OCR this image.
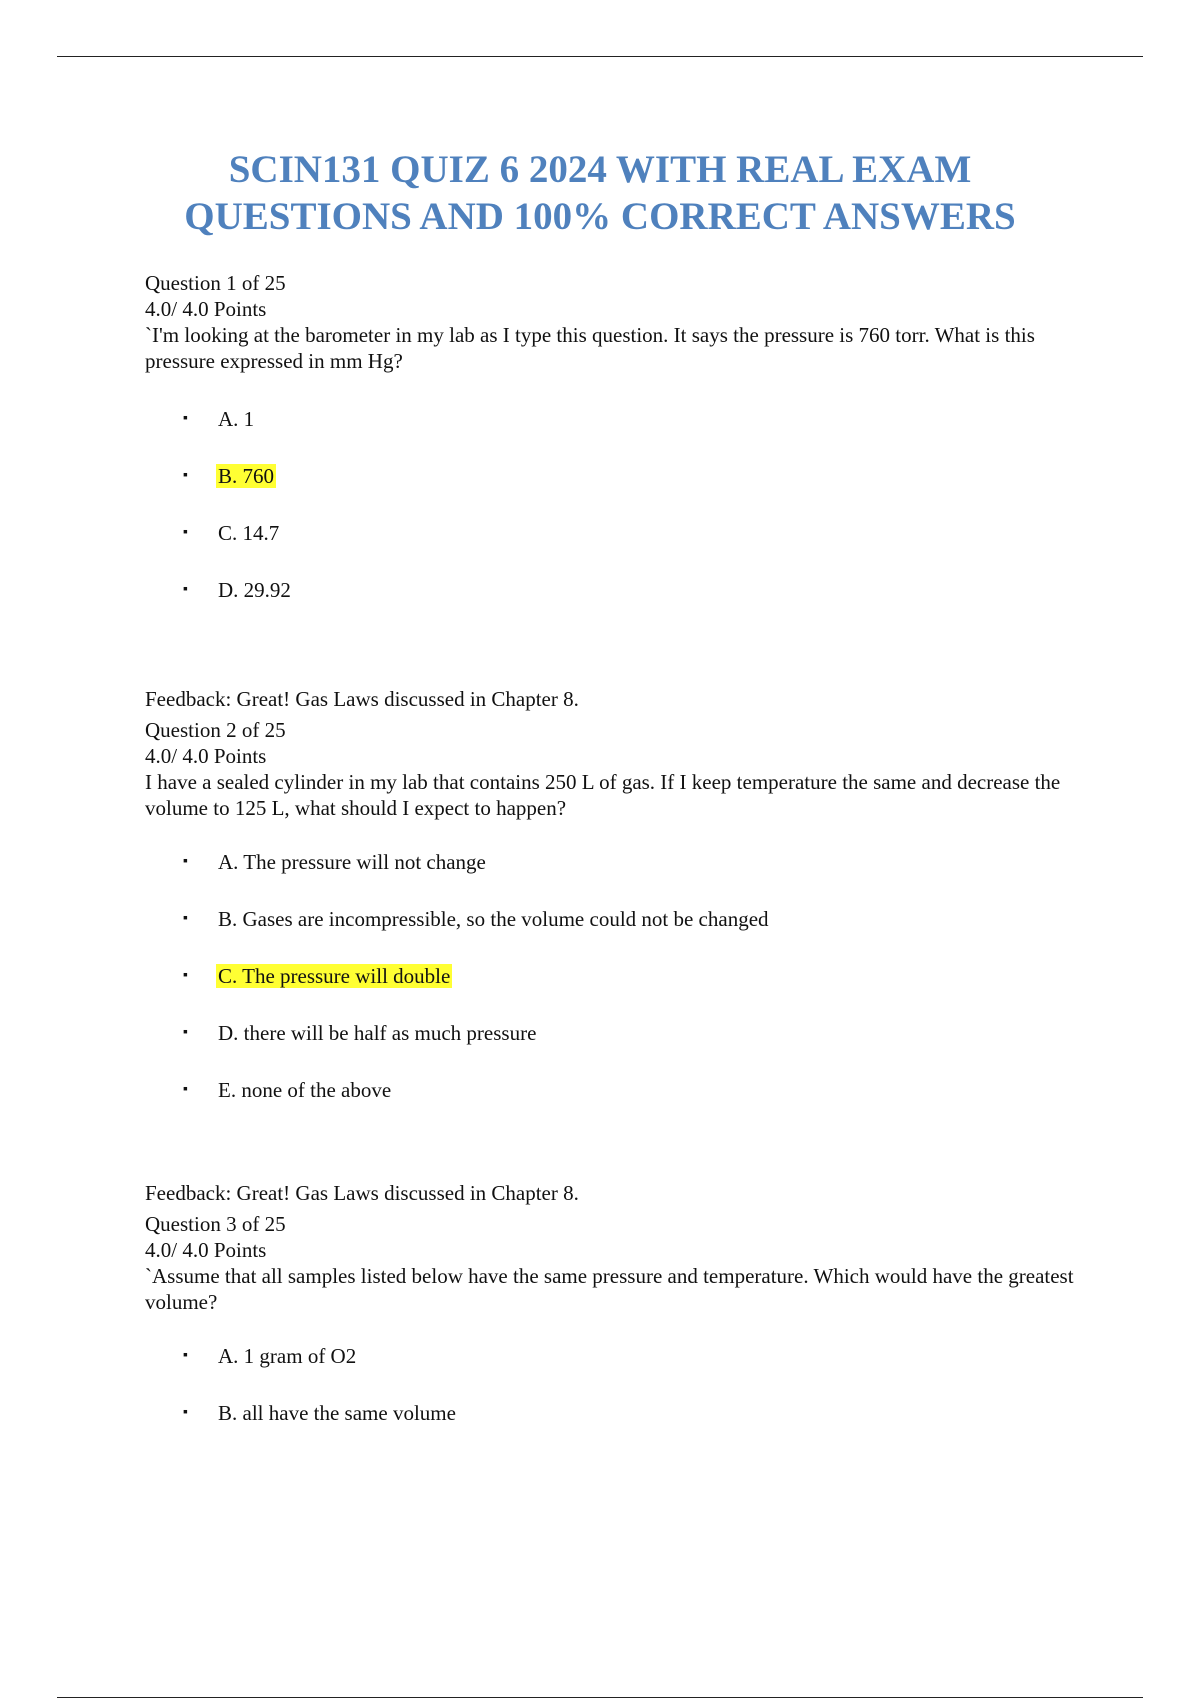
SCIN131 QUIZ 6 2024 WITH REAL EXAM
QUESTIONS AND 100% CORRECT ANSWERS

Question 1 of 25

4.0/ 4.0 Points

`I'm looking at the barometer in my lab as I type this question. It says the pressure is 760 torr. What is this pressure expressed in mm Hg?

▪ A. 1
▪ B. 760
▪ C. 14.7
▪ D. 29.92

Feedback: Great! Gas Laws discussed in Chapter 8.

Question 2 of 25

4.0/ 4.0 Points

I have a sealed cylinder in my lab that contains 250 L of gas. If I keep temperature the same and decrease the volume to 125 L, what should I expect to happen?

▪ A. The pressure will not change
▪ B. Gases are incompressible, so the volume could not be changed
▪ C. The pressure will double
▪ D. there will be half as much pressure
▪ E. none of the above

Feedback: Great! Gas Laws discussed in Chapter 8.

Question 3 of 25

4.0/ 4.0 Points

`Assume that all samples listed below have the same pressure and temperature. Which would have the greatest volume?

▪ A. 1 gram of O2
▪ B. all have the same volume
